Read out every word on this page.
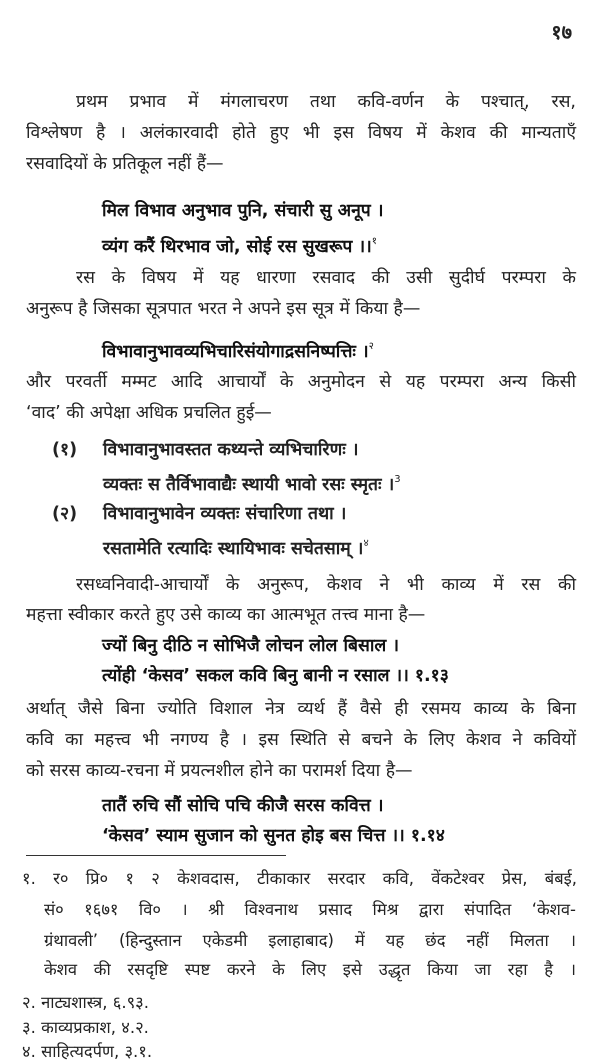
१७
प्रथम प्रभाव में मंगलाचरण तथा कवि-वर्णन के पश्चात्, रस,
विश्लेषण है । अलंकारवादी होते हुए भी इस विषय में केशव की मान्यताएँ
रसवादियों के प्रतिकूल नहीं हैं—
मिल विभाव अनुभाव पुनि, संचारी सु अनूप ।
व्यंग करैं थिरभाव जो, सोई रस सुखरूप ।।$^१$
रस के विषय में यह धारणा रसवाद की उसी सुदीर्घ परम्परा के
अनुरूप है जिसका सूत्रपात भरत ने अपने इस सूत्र में किया है—
विभावानुभावव्यभिचारिसंयोगाद्रसनिष्पत्तिः ।$^२$
और परवर्ती मम्मट आदि आचार्यों के अनुमोदन से यह परम्परा अन्य किसी
‘वाद’ की अपेक्षा अधिक प्रचलित हुई—
(१)	विभावानुभावस्तत कथ्यन्ते व्यभिचारिणः ।
व्यक्तः स तैर्विभावाद्यैः स्थायी भावो रसः स्मृतः ।$^3$
(२)	विभावानुभावेन व्यक्तः संचारिणा तथा ।
रसतामेति रत्यादिः स्थायिभावः सचेतसाम् ।$^४$
रसध्वनिवादी-आचार्यों के अनुरूप, केशव ने भी काव्य में रस की
महत्ता स्वीकार करते हुए उसे काव्य का आत्मभूत तत्त्व माना है—
ज्यों बिनु दीठि न सोभिजै लोचन लोल बिसाल ।
त्योंही ‘केसव’ सकल कवि बिनु बानी न रसाल ।। १.१३
अर्थात् जैसे बिना ज्योति विशाल नेत्र व्यर्थ हैं वैसे ही रसमय काव्य के बिना
कवि का महत्त्व भी नगण्य है । इस स्थिति से बचने के लिए केशव ने कवियों
को सरस काव्य-रचना में प्रयत्नशील होने का परामर्श दिया है—
तातैं रुचि सौं सोचि पचि कीजै सरस कवित्त ।
‘केसव’ स्याम सुजान को सुनत होइ बस चित्त ।। १.१४
१. र० प्रि० १ २ केशवदास, टीकाकार सरदार कवि, वेंकटेश्वर प्रेस, बंबई,
सं० १६७१ वि० । श्री विश्वनाथ प्रसाद मिश्र द्वारा संपादित ‘केशव-
ग्रंथावली’ (हिन्दुस्तान एकेडमी इलाहाबाद) में यह छंद नहीं मिलता ।
केशव की रसदृष्टि स्पष्ट करने के लिए इसे उद्धृत किया जा रहा है ।
२. नाट्यशास्त्र, ६.९३.
३. काव्यप्रकाश, ४.२.
४. साहित्यदर्पण, ३.१.
